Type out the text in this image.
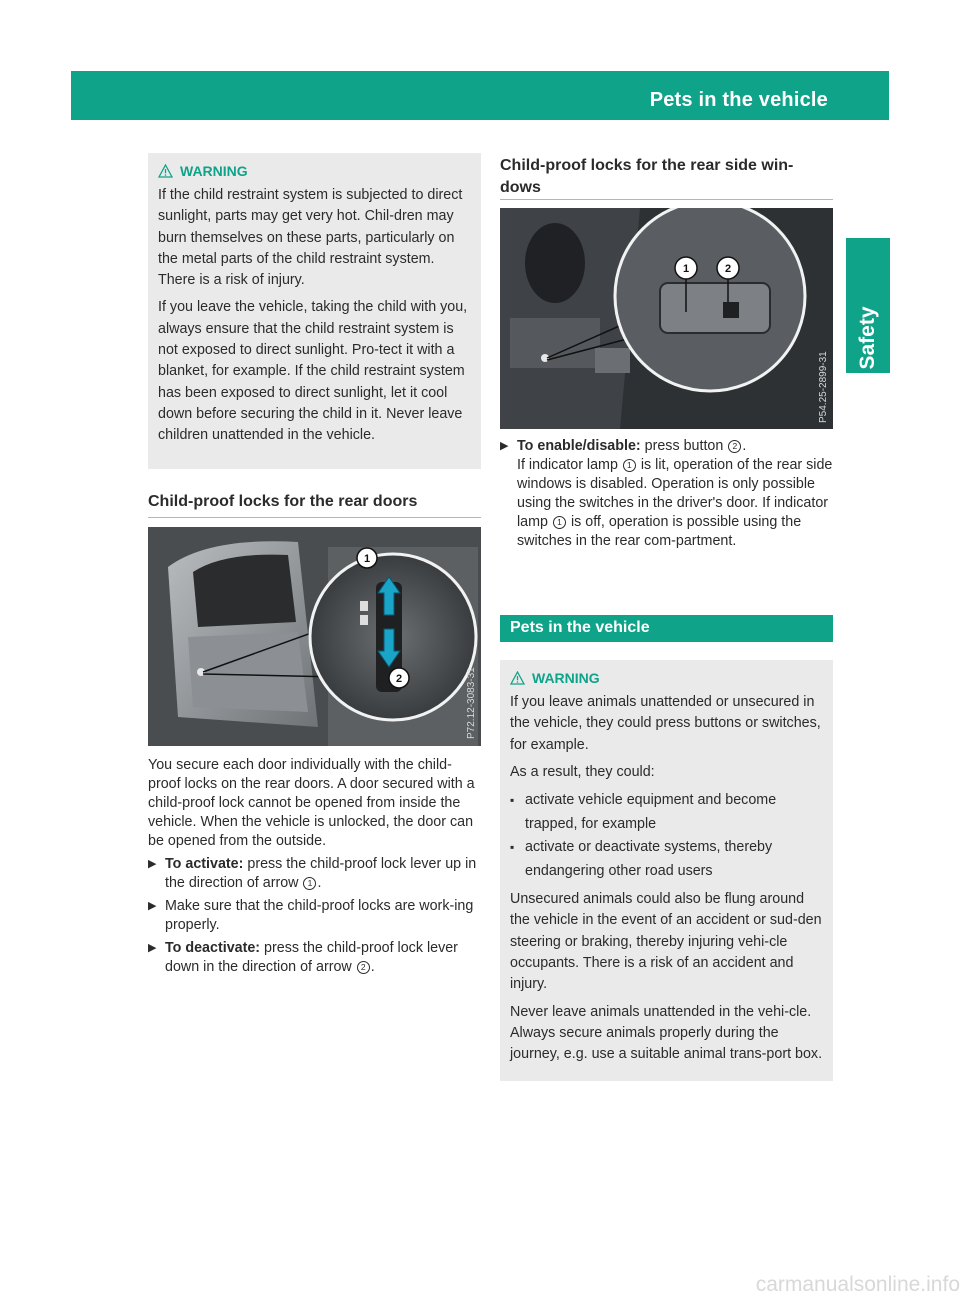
Pets in the vehicle	65
Safety
WARNING

If the child restraint system is subjected to direct sunlight, parts may get very hot. Chil-dren may burn themselves on these parts, particularly on the metal parts of the child restraint system. There is a risk of injury.

If you leave the vehicle, taking the child with you, always ensure that the child restraint system is not exposed to direct sunlight. Pro-tect it with a blanket, for example. If the child restraint system has been exposed to direct sunlight, let it cool down before securing the child in it. Never leave children unattended in the vehicle.

Child-proof locks for the rear doors
1
2	P72.12-3083-31

You secure each door individually with the child-proof locks on the rear doors. A door secured with a child-proof lock cannot be opened from inside the vehicle. When the vehicle is unlocked, the door can be opened from the outside.

▶ To activate: press the child-proof lock lever up in the direction of arrow 1 .
▶ Make sure that the child-proof locks are work-ing properly.
▶ To deactivate: press the child-proof lock lever down in the direction of arrow 2 .
Child-proof locks for the rear side win-
dows
1	2
P54.25-2899-31
▶ To enable/disable: press button 2 .
If indicator lamp 1 is lit, operation of the rear side windows is disabled. Operation is only possible using the switches in the driver's door. If indicator lamp 1 is off, operation is possible using the switches in the rear com-partment.
Pets in the vehicle
WARNING

If you leave animals unattended or unsecured in the vehicle, they could press buttons or switches, for example.

As a result, they could:

▪ activate vehicle equipment and become trapped, for example
▪ activate or deactivate systems, thereby endangering other road users

Unsecured animals could also be flung around the vehicle in the event of an accident or sud-den steering or braking, thereby injuring vehi-cle occupants. There is a risk of an accident and injury.

Never leave animals unattended in the vehi-cle. Always secure animals properly during the journey, e.g. use a suitable animal trans-port box.

carmanualsonline.info
